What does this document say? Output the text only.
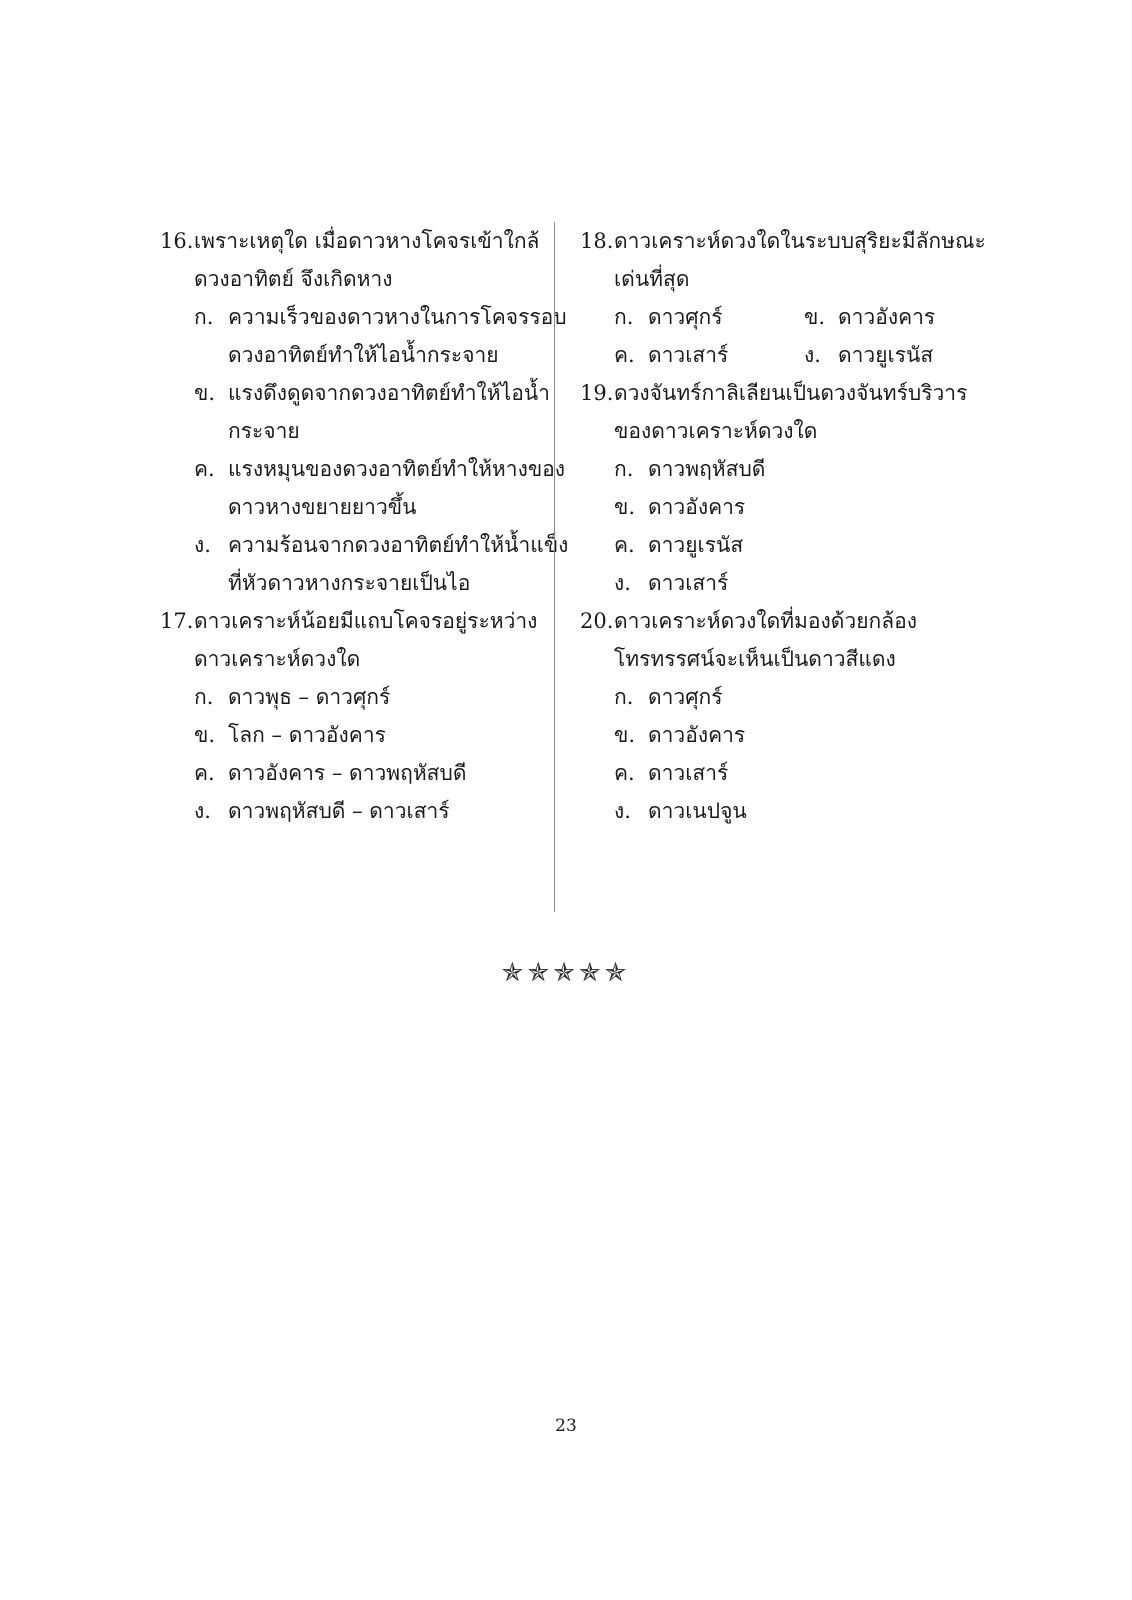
16.เพราะเหตุใด เมื่อดาวหางโคจรเข้าใกล้
ดวงอาทิตย์ จึงเกิดหาง
ก. ความเร็วของดาวหางในการโคจรรอบ
ดวงอาทิตย์ทำให้ไอน้ำกระจาย
ข. แรงดึงดูดจากดวงอาทิตย์ทำให้ไอน้ำ
กระจาย
ค. แรงหมุนของดวงอาทิตย์ทำให้หางของ
ดาวหางขยายยาวขึ้น
ง. ความร้อนจากดวงอาทิตย์ทำให้น้ำแข็ง
ที่หัวดาวหางกระจายเป็นไอ
17.ดาวเคราะห์น้อยมีแถบโคจรอยู่ระหว่าง
ดาวเคราะห์ดวงใด
ก. ดาวพุธ – ดาวศุกร์
ข. โลก – ดาวอังคาร
ค. ดาวอังคาร – ดาวพฤหัสบดี
ง. ดาวพฤหัสบดี – ดาวเสาร์
18.ดาวเคราะห์ดวงใดในระบบสุริยะมีลักษณะ
เด่นที่สุด
ก. ดาวศุกร์	ข. ดาวอังคาร
ค. ดาวเสาร์	ง. ดาวยูเรนัส
19.ดวงจันทร์กาลิเลียนเป็นดวงจันทร์บริวาร
ของดาวเคราะห์ดวงใด
ก. ดาวพฤหัสบดี
ข. ดาวอังคาร
ค. ดาวยูเรนัส
ง. ดาวเสาร์
20.ดาวเคราะห์ดวงใดที่มองด้วยกล้อง
โทรทรรศน์จะเห็นเป็นดาวสีแดง
ก. ดาวศุกร์
ข. ดาวอังคาร
ค. ดาวเสาร์
ง. ดาวเนปจูน
✯✯✯✯✯
23
